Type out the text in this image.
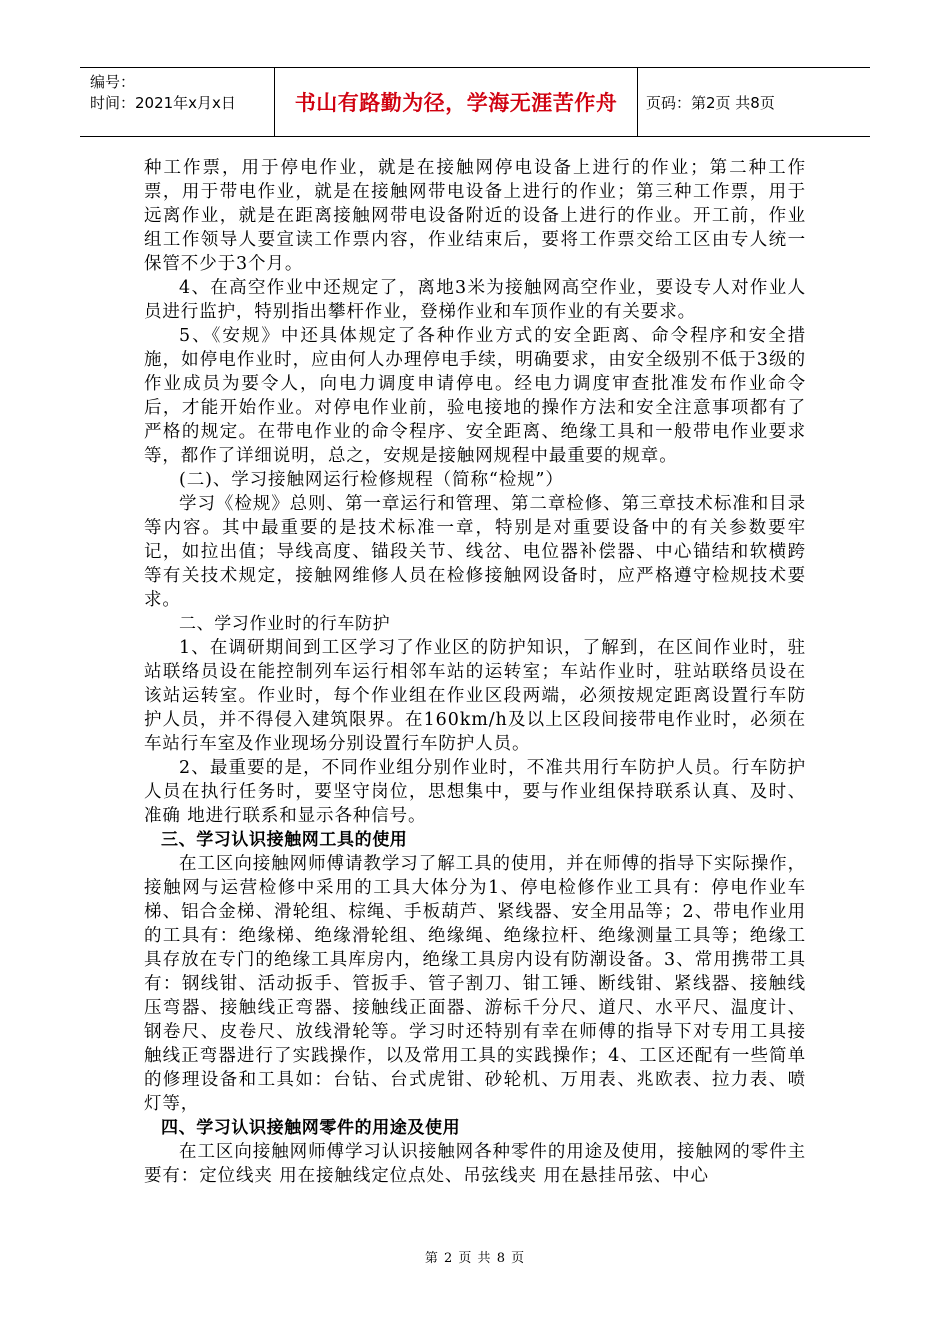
编号：
时间：2021年x月x日	书山有路勤为径，学海无涯苦作舟	页码：第2页 共8页

种工作票，用于停电作业，就是在接触网停电设备上进行的作业；第二种工作票，用于带电作业，就是在接触网带电设备上进行的作业；第三种工作票，用于远离作业，就是在距离接触网带电设备附近的设备上进行的作业。开工前，作业组工作领导人要宣读工作票内容，作业结束后，要将工作票交给工区由专人统一保管不少于3个月。

4、在高空作业中还规定了，离地3米为接触网高空作业，要设专人对作业人员进行监护，特别指出攀杆作业，登梯作业和车顶作业的有关要求。

5、《安规》中还具体规定了各种作业方式的安全距离、命令程序和安全措施，如停电作业时，应由何人办理停电手续，明确要求，由安全级别不低于3级的作业成员为要令人，向电力调度申请停电。经电力调度审查批准发布作业命令后，才能开始作业。对停电作业前，验电接地的操作方法和安全注意事项都有了严格的规定。在带电作业的命令程序、安全距离、绝缘工具和一般带电作业要求等，都作了详细说明，总之，安规是接触网规程中最重要的规章。

(二)、学习接触网运行检修规程（简称“检规”）

学习《检规》总则、第一章运行和管理、第二章检修、第三章技术标准和目录等内容。其中最重要的是技术标准一章，特别是对重要设备中的有关参数要牢记，如拉出值；导线高度、锚段关节、线岔、电位器补偿器、中心锚结和软横跨等有关技术规定，接触网维修人员在检修接触网设备时，应严格遵守检规技术要求。

二、学习作业时的行车防护

1、在调研期间到工区学习了作业区的防护知识，了解到，在区间作业时，驻站联络员设在能控制列车运行相邻车站的运转室；车站作业时，驻站联络员设在该站运转室。作业时，每个作业组在作业区段两端，必须按规定距离设置行车防护人员，并不得侵入建筑限界。在160km/h及以上区段间接带电作业时，必须在车站行车室及作业现场分别设置行车防护人员。

2、最重要的是，不同作业组分别作业时，不准共用行车防护人员。行车防护人员在执行任务时，要坚守岗位，思想集中，要与作业组保持联系认真、及时、准确 地进行联系和显示各种信号。

三、学习认识接触网工具的使用

在工区向接触网师傅请教学习了解工具的使用，并在师傅的指导下实际操作，接触网与运营检修中采用的工具大体分为1、停电检修作业工具有：停电作业车梯、铝合金梯、滑轮组、棕绳、手板葫芦、紧线器、安全用品等；2、带电作业用的工具有：绝缘梯、绝缘滑轮组、绝缘绳、绝缘拉杆、绝缘测量工具等；绝缘工具存放在专门的绝缘工具库房内，绝缘工具房内设有防潮设备。3、常用携带工具有：钢线钳、活动扳手、管扳手、管子割刀、钳工锤、断线钳、紧线器、接触线压弯器、接触线正弯器、接触线正面器、游标千分尺、道尺、水平尺、温度计、钢卷尺、皮卷尺、放线滑轮等。学习时还特别有幸在师傅的指导下对专用工具接触线正弯器进行了实践操作，以及常用工具的实践操作；4、工区还配有一些简单的修理设备和工具如：台钻、台式虎钳、砂轮机、万用表、兆欧表、拉力表、喷灯等，

四、学习认识接触网零件的用途及使用

在工区向接触网师傅学习认识接触网各种零件的用途及使用，接触网的零件主要有：定位线夹 用在接触线定位点处、吊弦线夹 用在悬挂吊弦、中心

第 2 页 共 8 页
